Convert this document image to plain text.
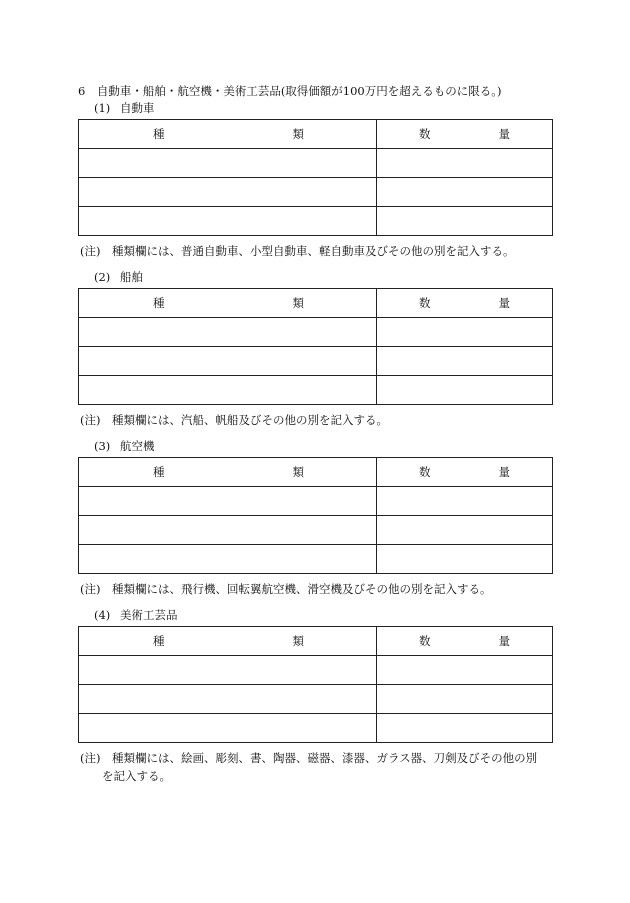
6　自動車・船舶・航空機・美術工芸品(取得価額が100万円を超えるものに限る。)
(1) 自動車
種 類	数 量

(注)　 種類欄には、普通自動車、小型自動車、軽自動車及びその他の別を記入する。
(2) 船舶
種 類	数 量

(注)　 種類欄には、汽船、帆船及びその他の別を記入する。
(3) 航空機
種 類	数 量

(注)　 種類欄には、飛行機、回転翼航空機、滑空機及びその他の別を記入する。
(4) 美術工芸品
種 類	数 量

(注)　 種類欄には、絵画、彫刻、書、陶器、磁器、漆器、ガラス器、刀剣及びその他の別
を記入する。
